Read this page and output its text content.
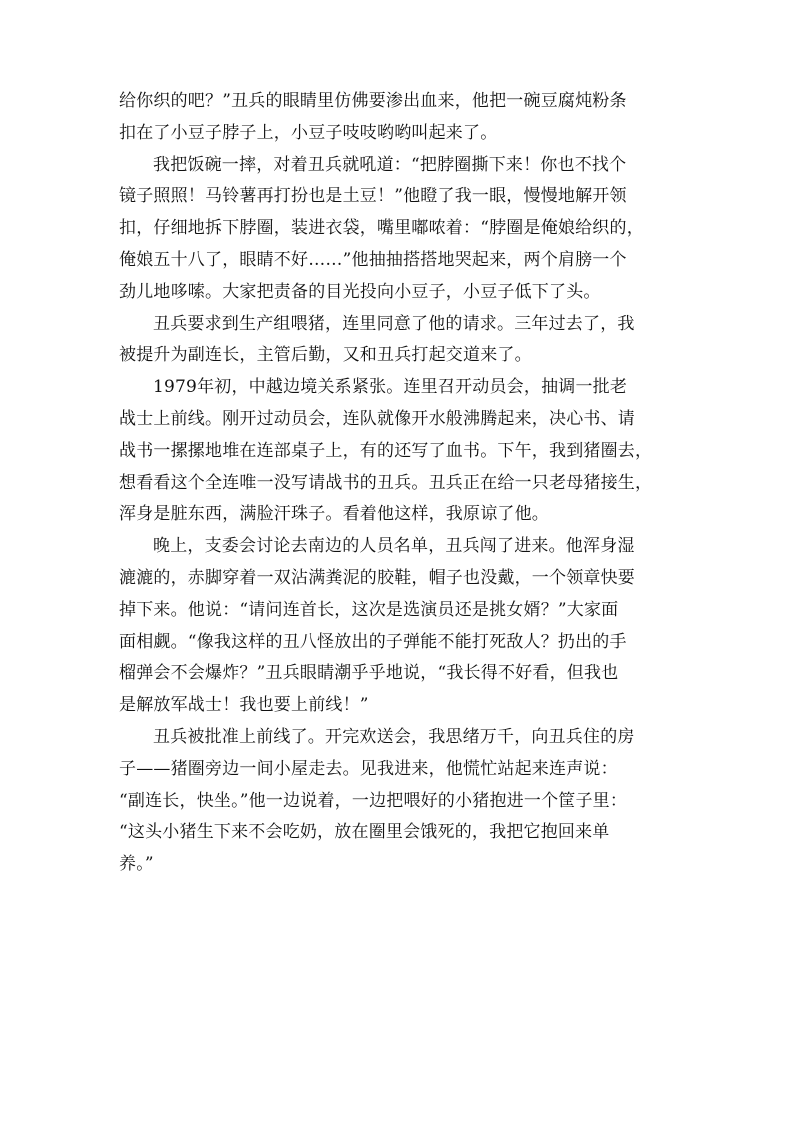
给你织的吧？”丑兵的眼睛里仿佛要渗出血来，他把一碗豆腐炖粉条
扣在了小豆子脖子上，小豆子吱吱哟哟叫起来了。
我把饭碗一摔，对着丑兵就吼道：“把脖圈撕下来！你也不找个
镜子照照！马铃薯再打扮也是土豆！”他瞪了我一眼，慢慢地解开领
扣，仔细地拆下脖圈，装进衣袋，嘴里嘟哝着：“脖圈是俺娘给织的，
俺娘五十八了，眼睛不好……”他抽抽搭搭地哭起来，两个肩膀一个
劲儿地哆嗦。大家把责备的目光投向小豆子，小豆子低下了头。
丑兵要求到生产组喂猪，连里同意了他的请求。三年过去了，我
被提升为副连长，主管后勤，又和丑兵打起交道来了。
1979年初，中越边境关系紧张。连里召开动员会，抽调一批老
战士上前线。刚开过动员会，连队就像开水般沸腾起来，决心书、请
战书一摞摞地堆在连部桌子上，有的还写了血书。下午，我到猪圈去，
想看看这个全连唯一没写请战书的丑兵。丑兵正在给一只老母猪接生，
浑身是脏东西，满脸汗珠子。看着他这样，我原谅了他。
晚上，支委会讨论去南边的人员名单，丑兵闯了进来。他浑身湿
漉漉的，赤脚穿着一双沾满粪泥的胶鞋，帽子也没戴，一个领章快要
掉下来。他说：“请问连首长，这次是选演员还是挑女婿？”大家面
面相觑。“像我这样的丑八怪放出的子弹能不能打死敌人？扔出的手
榴弹会不会爆炸？”丑兵眼睛潮乎乎地说，“我长得不好看，但我也
是解放军战士！我也要上前线！”
丑兵被批准上前线了。开完欢送会，我思绪万千，向丑兵住的房
子——猪圈旁边一间小屋走去。见我进来，他慌忙站起来连声说：
“副连长，快坐。”他一边说着，一边把喂好的小猪抱进一个筐子里：
“这头小猪生下来不会吃奶，放在圈里会饿死的，我把它抱回来单
养。”
